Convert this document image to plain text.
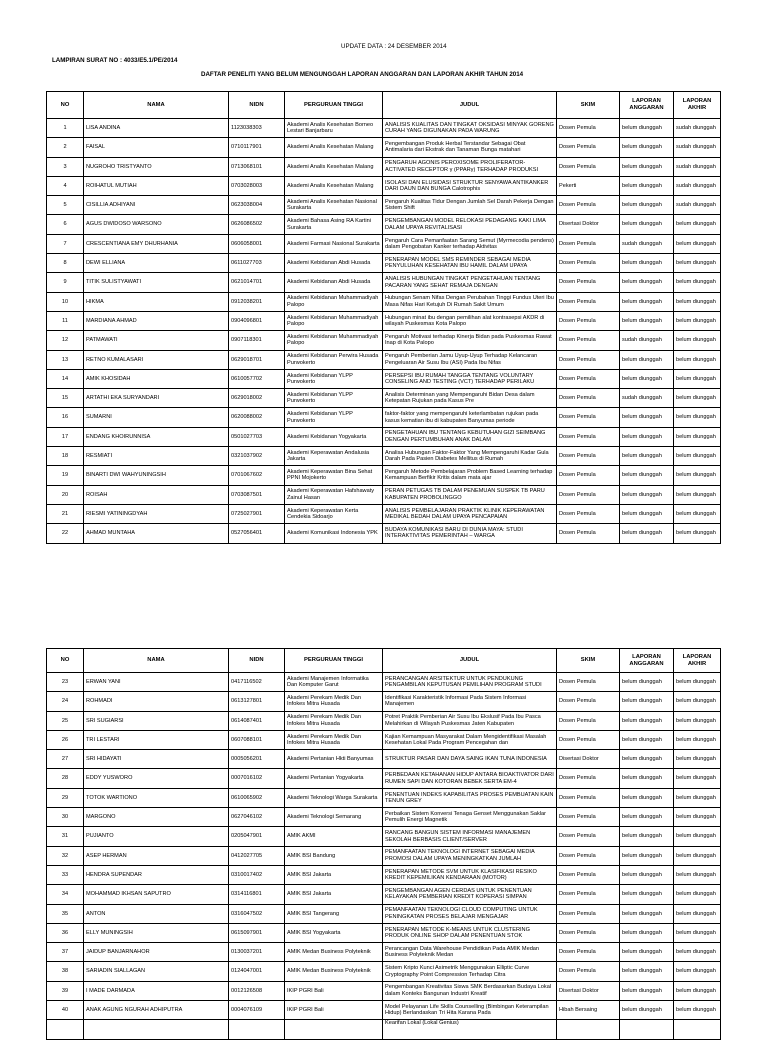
LAMPIRAN SURAT NO : 4033/E5.1/PE/2014
UPDATE DATA : 24 DESEMBER 2014
DAFTAR PENELITI YANG BELUM MENGUNGGAH LAPORAN ANGGARAN DAN LAPORAN AKHIR TAHUN 2014
NO	NAMA	NIDN	PERGURUAN TINGGI	JUDUL	SKIM	LAPORAN ANGGARAN	LAPORAN AKHIR

1	LISA ANDINA	1123038303	Akademi Analis Kesehatan Borneo Lestari Banjarbaru	ANALISIS KUALITAS DAN TINGKAT OKSIDASI MINYAK GORENG CURAH YANG DIGUNAKAN PADA WARUNG	Dosen Pemula	belum diunggah	sudah diunggah

2	FAISAL	0710117901	Akademi Analis Kesehatan Malang	Pengembangan Produk Herbal Terstandar Sebagai Obat Antimalaria dari Ekstrak dan Tanaman Bunga matahari	Dosen Pemula	belum diunggah	sudah diunggah

3	NUGROHO TRISTYANTO	0713068101	Akademi Analis Kesehatan Malang	PENGARUH AGONIS PEROXISOME PROLIFERATOR-ACTIVATED RECEPTOR γ (PPARγ) TERHADAP PRODUKSI	Dosen Pemula	belum diunggah	sudah diunggah

4	ROIHATUL MUTIAH	0703028003	Akademi Analis Kesehatan Malang	ISOLASI DAN ELUSIDASI STRUKTUR SENYAWA ANTIKANKER DARI DAUN DAN BUNGA Calotrophis	Pekerti	belum diunggah	sudah diunggah

5	CISILLIA ADHIYANI	0623038004	Akademi Analis Kesehatan Nasional Surakarta	Pengaruh Kualitas Tidur Dengan Jumlah Sel Darah Pekerja Dengan Sistem Shift	Dosen Pemula	belum diunggah	sudah diunggah

6	AGUS DWIDOSO WARSONO	0626086502	Akademi Bahasa Asing RA Kartini Surakarta	PENGEMBANGAN MODEL RELOKASI PEDAGANG KAKI LIMA DALAM UPAYA REVITALISASI	Disertasi Doktor	belum diunggah	belum diunggah

7	CRESCENTIANA EMY DHURHANIA	0606058001	Akademi Farmasi Nasional Surakarta	Pengaruh Cara Pemanfaatan Sarang Semut (Myrmecodia pendens) dalam Pengobatan Kanker terhadap Aktivitas	Dosen Pemula	sudah diunggah	belum diunggah

8	DEWI ELLIANA	0611027703	Akademi Kebidanan Abdi Husada	PENERAPAN MODEL SMS REMINDER SEBAGAI MEDIA PENYULUHAN KESEHATAN IBU HAMIL DALAM UPAYA	Dosen Pemula	belum diunggah	belum diunggah

9	TITIK SULISTYAWATI	0621014701	Akademi Kebidanan Abdi Husada	ANALISIS HUBUNGAN TINGKAT PENGETAHUAN TENTANG PACARAN YANG SEHAT REMAJA DENGAN	Dosen Pemula	belum diunggah	belum diunggah

10	HIKMA	0912038201	Akademi Kebidanan Muhammadiyah Palopo	Hubungan Senam Nifas Dengan Perubahan Tinggi Fundus Uteri Ibu Masa Nifas Hari Ketujuh Di Rumah Sakit Umum	Dosen Pemula	belum diunggah	belum diunggah

11	MARDIANA AHMAD	0904096801	Akademi Kebidanan Muhammadiyah Palopo	Hubungan minat ibu dengan pemilihan alat kontrasepsi AKDR di wilayah Puskesmas Kota Palopo	Dosen Pemula	belum diunggah	belum diunggah

12	PATMAWATI	0907118301	Akademi Kebidanan Muhammadiyah Palopo	Pengaruh Motivasi terhadap Kinerja Bidan pada Puskesmas Rawat Inap di Kota Palopo	Dosen Pemula	sudah diunggah	belum diunggah

13	RETNO KUMALASARI	0629018701	Akademi Kebidanan Perwira Husada Purwokerto	Pengaruh Pemberian Jamu Uyup-Uyup Terhadap Kelancaran Pengeluaran Air Susu Ibu (ASI) Pada Ibu Nifas	Dosen Pemula	belum diunggah	belum diunggah

14	AMIK KHOSIDAH	0610057702	Akademi Kebidanan YLPP Purwokerto	PERSEPSI IBU RUMAH TANGGA TENTANG VOLUNTARY CONSELING AND TESTING (VCT) TERHADAP PERILAKU	Dosen Pemula	belum diunggah	belum diunggah

15	ARTATHI EKA SURYANDARI	0629018002	Akademi Kebidanan YLPP Purwokerto	Analisis Determinan yang Mempengaruhi Bidan Desa dalam Ketepatan Rujukan pada Kasus Pre	Dosen Pemula	sudah diunggah	belum diunggah

16	SUMARNI	0620088002	Akademi Kebidanan YLPP Purwokerto	faktor-faktor yang mempengaruhi keterlambatan rujukan pada kasus kematian ibu di kabupaten Banyumas periode	Dosen Pemula	belum diunggah	belum diunggah

17	ENDANG KHOIRUNNISA	0501027703	Akademi Kebidanan Yogyakarta	PENGETAHUAN IBU TENTANG KEBUTUHAN GIZI SEIMBANG DENGAN PERTUMBUHAN ANAK DALAM	Dosen Pemula	belum diunggah	belum diunggah

18	RESMIATI	0321037902	Akademi Keperawatan Andalusia Jakarta	Analisa Hubungan Faktor-Faktor Yang Mempengaruhi Kadar Gula Darah Pada Pasien Diabetes Mellitus di Rumah	Dosen Pemula	belum diunggah	belum diunggah

19	BINARTI DWI WAHYUNINGSIH	0701067602	Akademi Keperawatan Bina Sehat PPNI Mojokerto	Pengaruh Metode Pembelajaran Problem Based Learning terhadap Kemampuan Berfikir Kritis dalam mata ajar	Dosen Pemula	belum diunggah	belum diunggah

20	ROISAH	0703087501	Akademi Keperawatan Hafshawaty Zainul Hasan	PERAN PETUGAS TB DALAM PENEMUAN SUSPEK TB PARU KABUPATEN PROBOLINGGO	Dosen Pemula	belum diunggah	belum diunggah

21	RIESMI YATININGDYAH	0725027901	Akademi Keperawatan Kerta Cendekia Sidoarjo	ANALISIS PEMBELAJARAN PRAKTIK KLINIK KEPERAWATAN MEDIKAL BEDAH DALAM UPAYA PENCAPAIAN	Dosen Pemula	belum diunggah	belum diunggah

22	AHMAD MUNTAHA	0527056401	Akademi Komunikasi Indonesia YPK	BUDAYA KOMUNIKASI BARU DI DUNIA MAYA: STUDI INTERAKTIVITAS PEMERINTAH – WARGA	Dosen Pemula	belum diunggah	belum diunggah
NO	NAMA	NIDN	PERGURUAN TINGGI	JUDUL	SKIM	LAPORAN ANGGARAN	LAPORAN AKHIR

23	ERWAN YANI	0417116502	Akademi Manajemen Informatika Dan Komputer Garut	PERANCANGAN ARSITEKTUR UNTUK PENDUKUNG PENGAMBILAN KEPUTUSAN PEMILIHAN PROGRAM STUDI	Dosen Pemula	belum diunggah	belum diunggah

24	ROHMADI	0613127801	Akademi Perekam Medik Dan Infokes Mitra Husada	Identifikasi Karakteristik Informasi Pada Sistem Informasi Manajemen	Dosen Pemula	belum diunggah	belum diunggah

25	SRI SUGIARSI	0614087401	Akademi Perekam Medik Dan Infokes Mitra Husada	Potret Praktik Pemberian Air Susu Ibu Ekslusif Pada Ibu Pasca Melahirkan di Wilayah Puskesmas Jaten Kabupaten	Dosen Pemula	belum diunggah	belum diunggah

26	TRI LESTARI	0607088101	Akademi Perekam Medik Dan Infokes Mitra Husada	Kajian Kemampuan Masyarakat Dalam Mengidentifikasi Masalah Kesehatan Lokal Pada Program Pencegahan dan	Dosen Pemula	belum diunggah	belum diunggah

27	SRI HIDAYATI	0005056201	Akademi Pertanian Hkti Banyumas	STRUKTUR PASAR DAN DAYA SAING IKAN TUNA INDONESIA	Disertasi Doktor	belum diunggah	belum diunggah

28	EDDY YUSWORO	0007016102	Akademi Pertanian Yogyakarta	PERBEDAAN KETAHANAN HIDUP ANTARA BIOAKTIVATOR DARI RUMEN SAPI DAN KOTORAN BEBEK SERTA EM-4	Dosen Pemula	belum diunggah	belum diunggah

29	TOTOK WARTIONO	0610065902	Akademi Teknologi Warga Surakarta	PENENTUAN INDEKS KAPABILITAS PROSES PEMBUATAN KAIN TENUN GREY	Dosen Pemula	belum diunggah	belum diunggah

30	MARGONO	0627046102	Akademi Teknologi Semarang	Perbaikan Sistem Konversi Tenaga Genset Menggunakan Saklar Pemulih Energi Magnetik	Dosen Pemula	belum diunggah	belum diunggah

31	PUJIANTO	0205047901	AMIK AKMI	RANCANG BANGUN SISTEM INFORMASI MANAJEMEN SEKOLAH BERBASIS CLIENT/SERVER	Dosen Pemula	belum diunggah	belum diunggah

32	ASEP HERMAN	0412027705	AMIK BSI Bandung	PEMANFAATAN TEKNOLOGI INTERNET SEBAGAI MEDIA PROMOSI DALAM UPAYA MENINGKATKAN JUMLAH	Dosen Pemula	belum diunggah	belum diunggah

33	HENDRA SUPENDAR	0310017402	AMIK BSI Jakarta	PENERAPAN METODE SVM UNTUK KLASIFIKASI RESIKO KREDIT KEPEMILIKAN KENDARAAN (MOTOR)	Dosen Pemula	belum diunggah	belum diunggah

34	MOHAMMAD IKHSAN SAPUTRO	0314116801	AMIK BSI Jakarta	PENGEMBANGAN AGEN CERDAS UNTUK PENENTUAN KELAYAKAN PEMBERIAN KREDIT KOPERASI SIMPAN	Dosen Pemula	belum diunggah	belum diunggah

35	ANTON	0316047502	AMIK BSI Tangerang	PEMANFAATAN TEKNOLOGI CLOUD COMPUTING UNTUK PENINGKATAN PROSES BELAJAR MENGAJAR	Dosen Pemula	belum diunggah	belum diunggah

36	ELLY MUNINGSIH	0615097901	AMIK BSI Yogyakarta	PENERAPAN METODE K-MEANS UNTUK CLUSTERING PRODUK ONLINE SHOP DALAM PENENTUAN STOK	Dosen Pemula	belum diunggah	belum diunggah

37	JAIDUP BANJARNAHOR	0130037201	AMIK Medan Business Polyteknik	Perancangan Data Warehouse Pendidikan Pada AMIK Medan Business Polyteknik Medan	Dosen Pemula	belum diunggah	belum diunggah

38	SARIADIN SIALLAGAN	0124047001	AMIK Medan Business Polyteknik	Sistem Kripto Kunci Asimetrik Menggunakan Elliptic Curve Cryptography Point Compression Terhadap Citra	Dosen Pemula	belum diunggah	belum diunggah

39	I MADE DARMADA	0012126508	IKIP PGRI Bali	Pengembangan Kreativitas Siswa SMK Berdasarkan Budaya Lokal dalam Konteks Bangunan Industri Kreatif	Disertasi Doktor	belum diunggah	belum diunggah

40	ANAK AGUNG NGURAH ADHIPUTRA	0004076109	IKIP PGRI Bali	Model Pelayanan Life Skills Counselling (Bimbingan Keterampilan Hidup) Berlandaskan Tri Hita Karana Pada	Hibah Bersaing	belum diunggah	belum diunggah

				Kearifan Lokal (Lokal Genius)			
